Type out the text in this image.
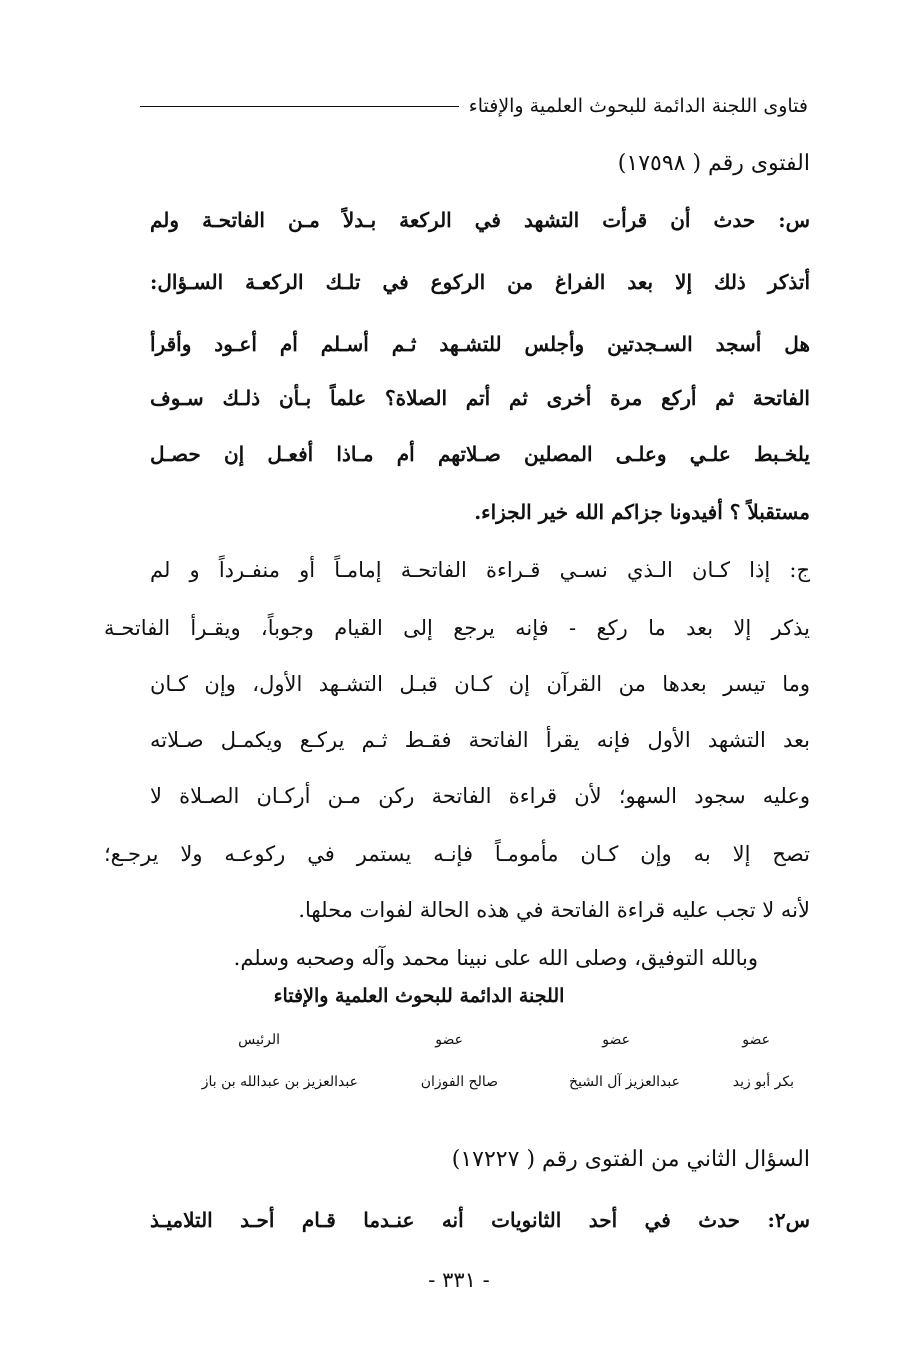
فتاوى اللجنة الدائمة للبحوث العلمية والإفتاء
الفتوى رقم ( ١٧٥٩٨)
س: حدث أن قرأت التشهد في الركعة بـدلاً مـن الفاتحـة ولم
أتذكر ذلك إلا بعد الفراغ من الركوع في تلـك الركعـة السـؤال:
هل أسجد السـجدتين وأجلس للتشـهد ثـم أسـلم أم أعـود وأقرأ
الفاتحة ثم أركع مرة أخرى ثم أتم الصلاة؟ علماً بـأن ذلـك سـوف
يلخـبط علـي وعلـى المصلين صـلاتهم أم مـاذا أفعـل إن حصـل
مستقبلاً ؟ أفيدونا جزاكم الله خير الجزاء.
ج: إذا كـان الـذي نسـي قـراءة الفاتحـة إمامـاً أو منفـرداً و لم
يذكر إلا بعد ما ركع - فإنه يرجع إلى القيام وجوباً، ويقـرأ الفاتحـة
وما تيسر بعدها من القرآن إن كـان قبـل التشـهد الأول، وإن كـان
بعد التشهد الأول فإنه يقرأ الفاتحة فقـط ثـم يركـع ويكمـل صـلاته
وعليه سجود السهو؛ لأن قراءة الفاتحة ركن مـن أركـان الصـلاة لا
تصح إلا به وإن كـان مأمومـاً فإنـه يستمر في ركوعـه ولا يرجـع؛
لأنه لا تجب عليه قراءة الفاتحة في هذه الحالة لفوات محلها.
وبالله التوفيق، وصلى الله على نبينا محمد وآله وصحبه وسلم.
اللجنة الدائمة للبحوث العلمية والإفتاء
عضو
عضو
عضو
الرئيس
بكر أبو زيد
عبدالعزيز آل الشيخ
صالح الفوزان
عبدالعزيز بن عبدالله بن باز
السؤال الثاني من الفتوى رقم ( ١٧٢٢٧)
س٢: حدث في أحد الثانويات أنه عنـدما قـام أحـد التلاميـذ
- ٣٣١ -
